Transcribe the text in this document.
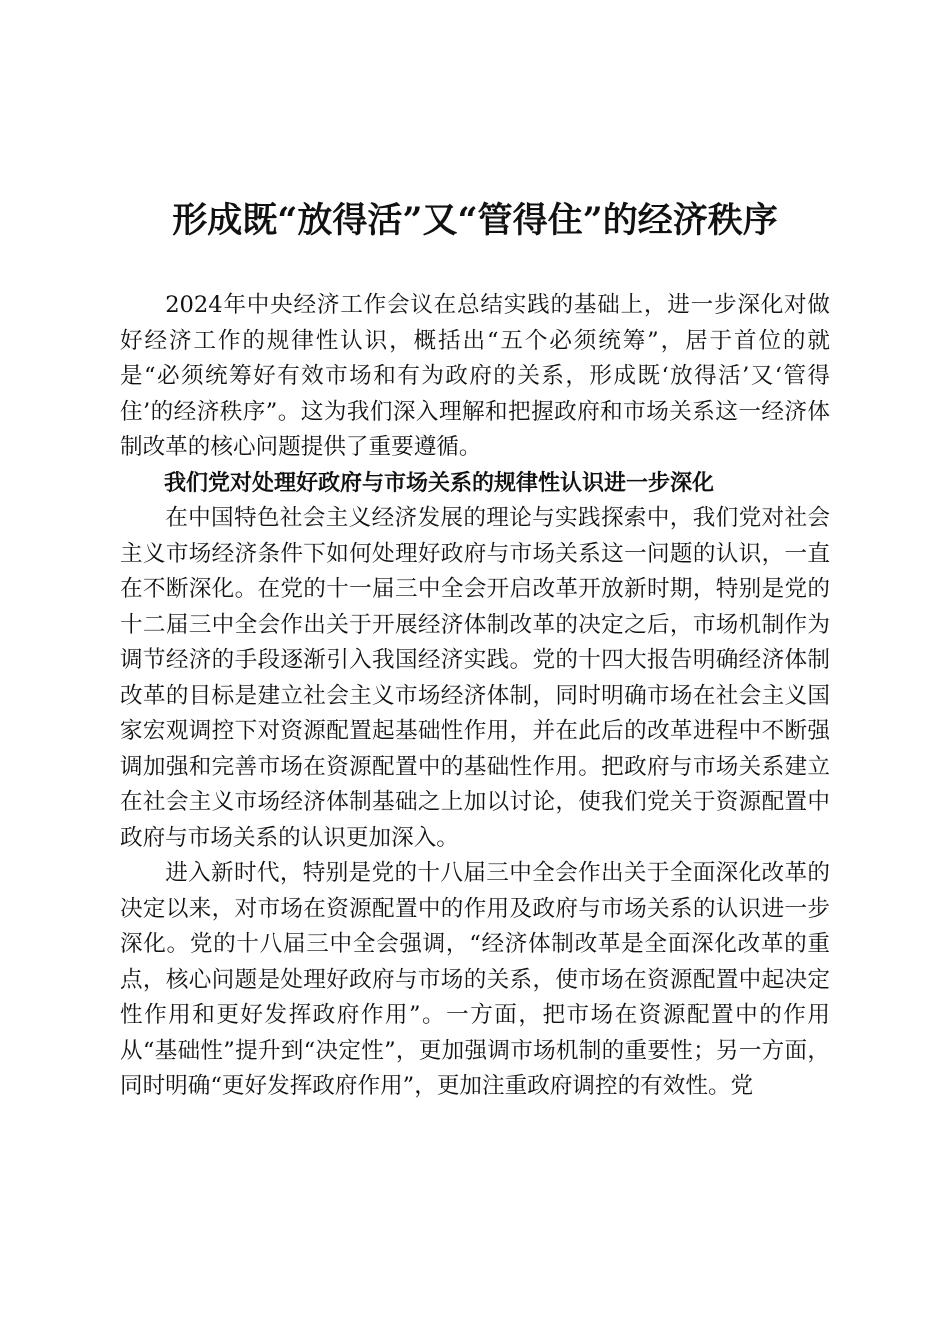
形成既“放得活”又“管得住”的经济秩序

2024年中央经济工作会议在总结实践的基础上，进一步深化对做好经济工作的规律性认识，概括出“五个必须统筹”，居于首位的就是“必须统筹好有效市场和有为政府的关系，形成既‘放得活’又‘管得住’的经济秩序”。这为我们深入理解和把握政府和市场关系这一经济体制改革的核心问题提供了重要遵循。

我们党对处理好政府与市场关系的规律性认识进一步深化

在中国特色社会主义经济发展的理论与实践探索中，我们党对社会主义市场经济条件下如何处理好政府与市场关系这一问题的认识，一直在不断深化。在党的十一届三中全会开启改革开放新时期，特别是党的十二届三中全会作出关于开展经济体制改革的决定之后，市场机制作为调节经济的手段逐渐引入我国经济实践。党的十四大报告明确经济体制改革的目标是建立社会主义市场经济体制，同时明确市场在社会主义国家宏观调控下对资源配置起基础性作用，并在此后的改革进程中不断强调加强和完善市场在资源配置中的基础性作用。把政府与市场关系建立在社会主义市场经济体制基础之上加以讨论，使我们党关于资源配置中政府与市场关系的认识更加深入。

进入新时代，特别是党的十八届三中全会作出关于全面深化改革的决定以来，对市场在资源配置中的作用及政府与市场关系的认识进一步深化。党的十八届三中全会强调，“经济体制改革是全面深化改革的重点，核心问题是处理好政府与市场的关系，使市场在资源配置中起决定性作用和更好发挥政府作用”。一方面，把市场在资源配置中的作用从“基础性”提升到“决定性”，更加强调市场机制的重要性；另一方面，同时明确“更好发挥政府作用”，更加注重政府调控的有效性。党
